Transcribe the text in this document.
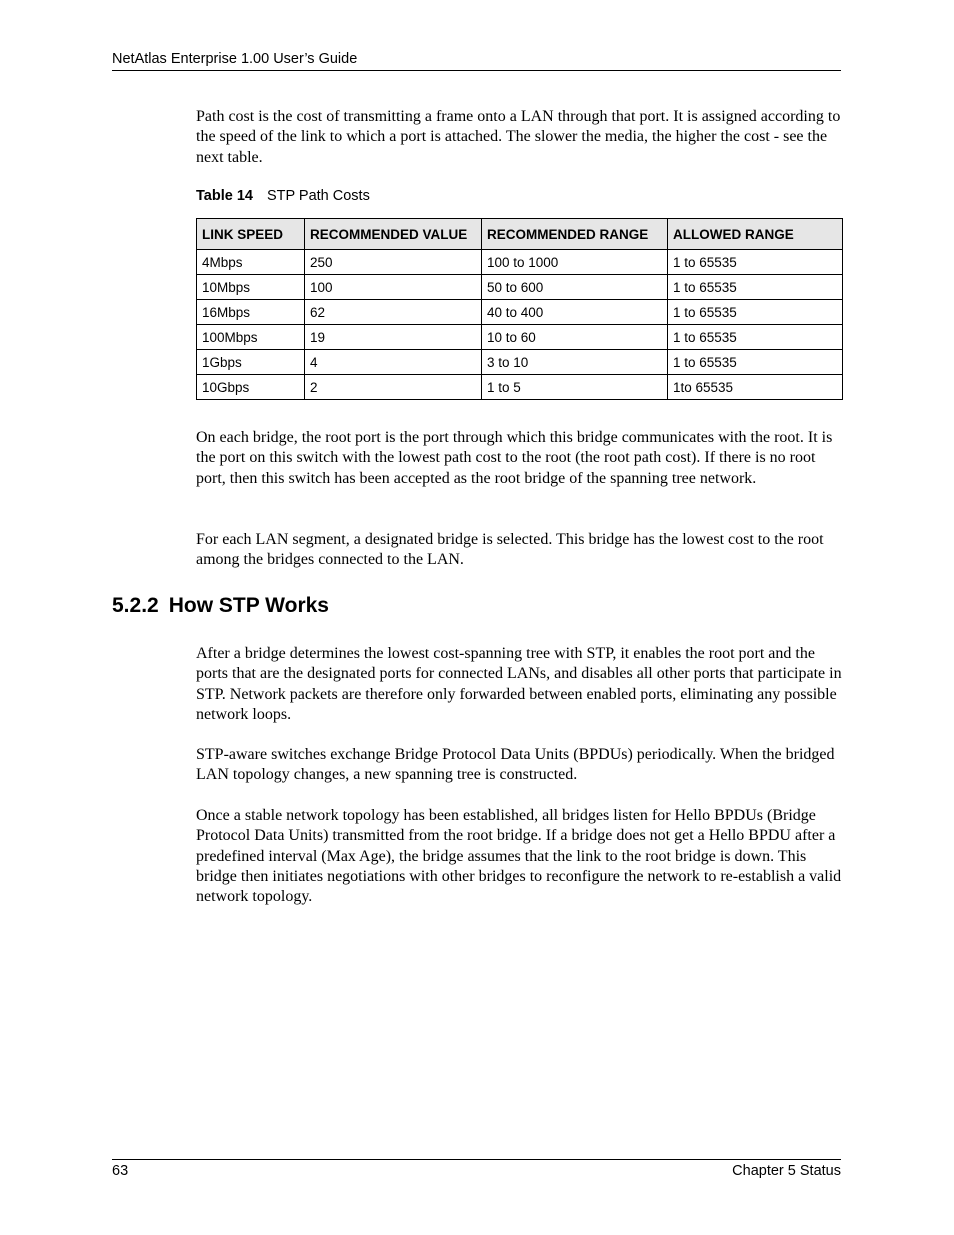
NetAtlas Enterprise 1.00 User’s Guide

Path cost is the cost of transmitting a frame onto a LAN through that port. It is assigned according to the speed of the link to which a port is attached. The slower the media, the higher the cost - see the next table.

Table 14 STP Path Costs
LINK SPEED	RECOMMENDED VALUE	RECOMMENDED RANGE	ALLOWED RANGE
4Mbps	250	100 to 1000	1 to 65535
10Mbps	100	50 to 600	1 to 65535
16Mbps	62	40 to 400	1 to 65535
100Mbps	19	10 to 60	1 to 65535
1Gbps	4	3 to 10	1 to 65535
10Gbps	2	1 to 5	1to 65535

On each bridge, the root port is the port through which this bridge communicates with the root. It is the port on this switch with the lowest path cost to the root (the root path cost). If there is no root port, then this switch has been accepted as the root bridge of the spanning tree network.

For each LAN segment, a designated bridge is selected. This bridge has the lowest cost to the root among the bridges connected to the LAN.

5.2.2 How STP Works

After a bridge determines the lowest cost-spanning tree with STP, it enables the root port and the ports that are the designated ports for connected LANs, and disables all other ports that participate in STP. Network packets are therefore only forwarded between enabled ports, eliminating any possible network loops.

STP-aware switches exchange Bridge Protocol Data Units (BPDUs) periodically. When the bridged LAN topology changes, a new spanning tree is constructed.

Once a stable network topology has been established, all bridges listen for Hello BPDUs (Bridge Protocol Data Units) transmitted from the root bridge. If a bridge does not get a Hello BPDU after a predefined interval (Max Age), the bridge assumes that the link to the root bridge is down. This bridge then initiates negotiations with other bridges to reconfigure the network to re-establish a valid network topology.

63	Chapter 5 Status
